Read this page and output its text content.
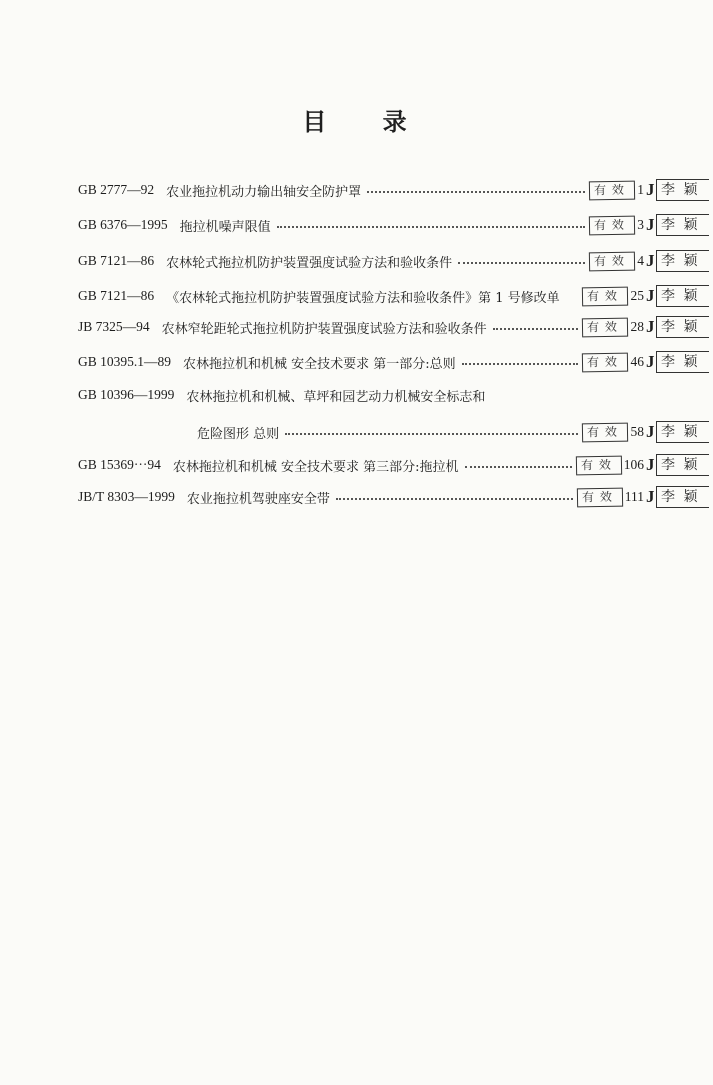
目 录
GB 2777—92 农业拖拉机动力输出轴安全防护罩	有效 1 J 李 颖
GB 6376—1995 拖拉机噪声限值	有效 3 J 李 颖
GB 7121—86 农林轮式拖拉机防护装置强度试验方法和验收条件	有效 4 J 李 颖
GB 7121—86 《农林轮式拖拉机防护装置强度试验方法和验收条件》第 1 号修改单	有效 25 J 李 颖
JB 7325—94 农林窄轮距轮式拖拉机防护装置强度试验方法和验收条件	有效 28 J 李 颖
GB 10395.1—89 农林拖拉机和机械 安全技术要求 第一部分:总则	有效 46 J 李 颖
GB 10396—1999 农林拖拉机和机械、草坪和园艺动力机械安全标志和
危险图形 总则	有效 58 J 李 颖
GB 15369···94 农林拖拉机和机械 安全技术要求 第三部分:拖拉机	有效 106 J 李 颖
JB/T 8303—1999 农业拖拉机驾驶座安全带	有效 111 J 李 颖
